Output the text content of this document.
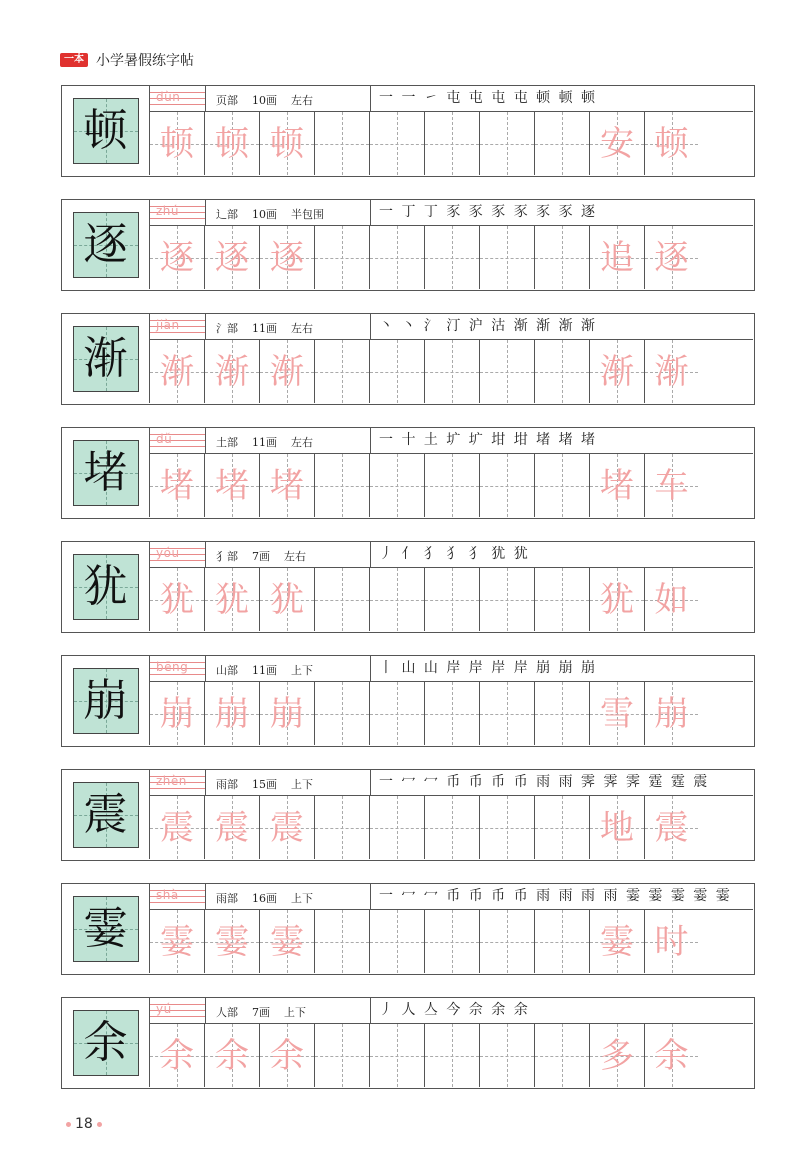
一本 小学暑假练字帖
顿
dùn	页部 10画 左右	一 一 ㇀ 屯 屯 屯 屯 顿 顿 顿
顿 顿 顿	安 顿
逐
zhú	辶部 10画 半包围	一 丁 丁 豕 豕 豕 豕 豕 豕 逐
逐 逐 逐	追 逐
渐
jiàn	氵部 11画 左右	丶 丶 氵 汀 沪 沽 渐 渐 渐 渐
渐 渐 渐	渐 渐
堵
dǔ	土部 11画 左右	一 十 土 圹 圹 坩 坩 堵 堵 堵
堵 堵 堵	堵 车
犹
yóu	犭部 7画 左右	丿 亻 犭 犭 犭 犹 犹
犹 犹 犹	犹 如
崩
bēng	山部 11画 上下	丨 山 山 岸 岸 岸 岸 崩 崩 崩
崩 崩 崩	雪 崩
震
zhèn	雨部 15画 上下	一 冖 冖 币 币 币 币 雨 雨 霁 霁 霁 霆 霆 震
震 震 震	地 震
霎
shà	雨部 16画 上下	一 冖 冖 币 币 币 币 雨 雨 雨 雨 霎 霎 霎 霎 霎
霎 霎 霎	霎 时
余
yú	人部 7画 上下	丿 人 亼 今 佘 余 余
余 余 余	多 余
18
